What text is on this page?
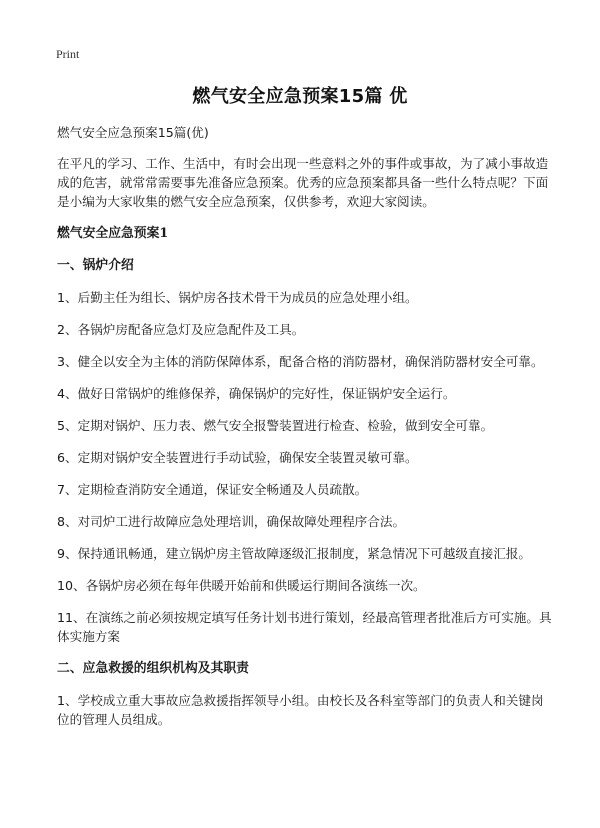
Print
燃气安全应急预案15篇 优

燃气安全应急预案15篇(优)

在平凡的学习、工作、生活中，有时会出现一些意料之外的事件或事故，为了减小事故造成的危害，就常常需要事先准备应急预案。优秀的应急预案都具备一些什么特点呢？下面是小编为大家收集的燃气安全应急预案，仅供参考，欢迎大家阅读。

燃气安全应急预案1

一、锅炉介绍

1、后勤主任为组长、锅炉房各技术骨干为成员的应急处理小组。

2、各锅炉房配备应急灯及应急配件及工具。

3、健全以安全为主体的消防保障体系，配备合格的消防器材，确保消防器材安全可靠。

4、做好日常锅炉的维修保养，确保锅炉的完好性，保证锅炉安全运行。

5、定期对锅炉、压力表、燃气安全报警装置进行检查、检验，做到安全可靠。

6、定期对锅炉安全装置进行手动试验，确保安全装置灵敏可靠。

7、定期检查消防安全通道，保证安全畅通及人员疏散。

8、对司炉工进行故障应急处理培训，确保故障处理程序合法。

9、保持通讯畅通，建立锅炉房主管故障逐级汇报制度，紧急情况下可越级直接汇报。

10、各锅炉房必须在每年供暖开始前和供暖运行期间各演练一次。

11、在演练之前必须按规定填写任务计划书进行策划，经最高管理者批准后方可实施。具体实施方案

二、应急救援的组织机构及其职责

1、学校成立重大事故应急救援指挥领导小组。由校长及各科室等部门的负责人和关键岗位的管理人员组成。
